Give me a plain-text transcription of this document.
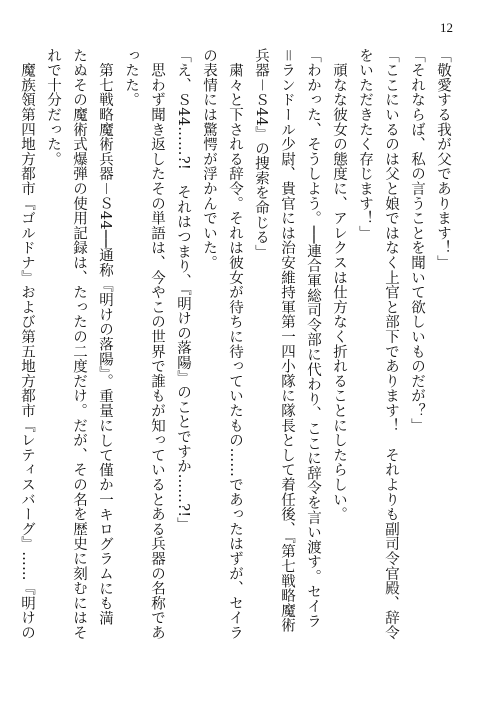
12
「敬愛する我が父であります！」
「それならば、私の言うことを聞いて欲しいものだが？」
「ここにいるのは父と娘ではなく上官と部下であります！　それよりも副司令官殿、辞令
をいただきたく存じます！」
　頑なな彼女の態度に、アレクスは仕方なく折れることにしたらしい。
「わかった、そうしよう。──連合軍総司令部に代わり、ここに辞令を言い渡す。セイラ
＝ランドール少尉、貴官には治安維持軍第一四小隊に隊長として着任後、『第七戦略魔術
兵器－Ｓ44』の捜索を命じる」
　粛々と下される辞令。それは彼女が待ちに待っていたもの……であったはずが、セイラ
の表情には驚愕が浮かんでいた。
「え、Ｓ44……?!　それはつまり、『明けの落陽』のことですか……?!」
　思わず聞き返したその単語は、今やこの世界で誰もが知っているとある兵器の名称であ
ったた。
　第七戦略魔術兵器－Ｓ44──通称『明けの落陽』。重量にして僅か一キログラムにも満
たぬその魔術式爆弾の使用記録は、たったの二度だけ。だが、その名を歴史に刻むにはそ
れで十分だった。
　魔族領第四地方都市『ゴルドナ』および第五地方都市『レティスバーグ』……『明けの
